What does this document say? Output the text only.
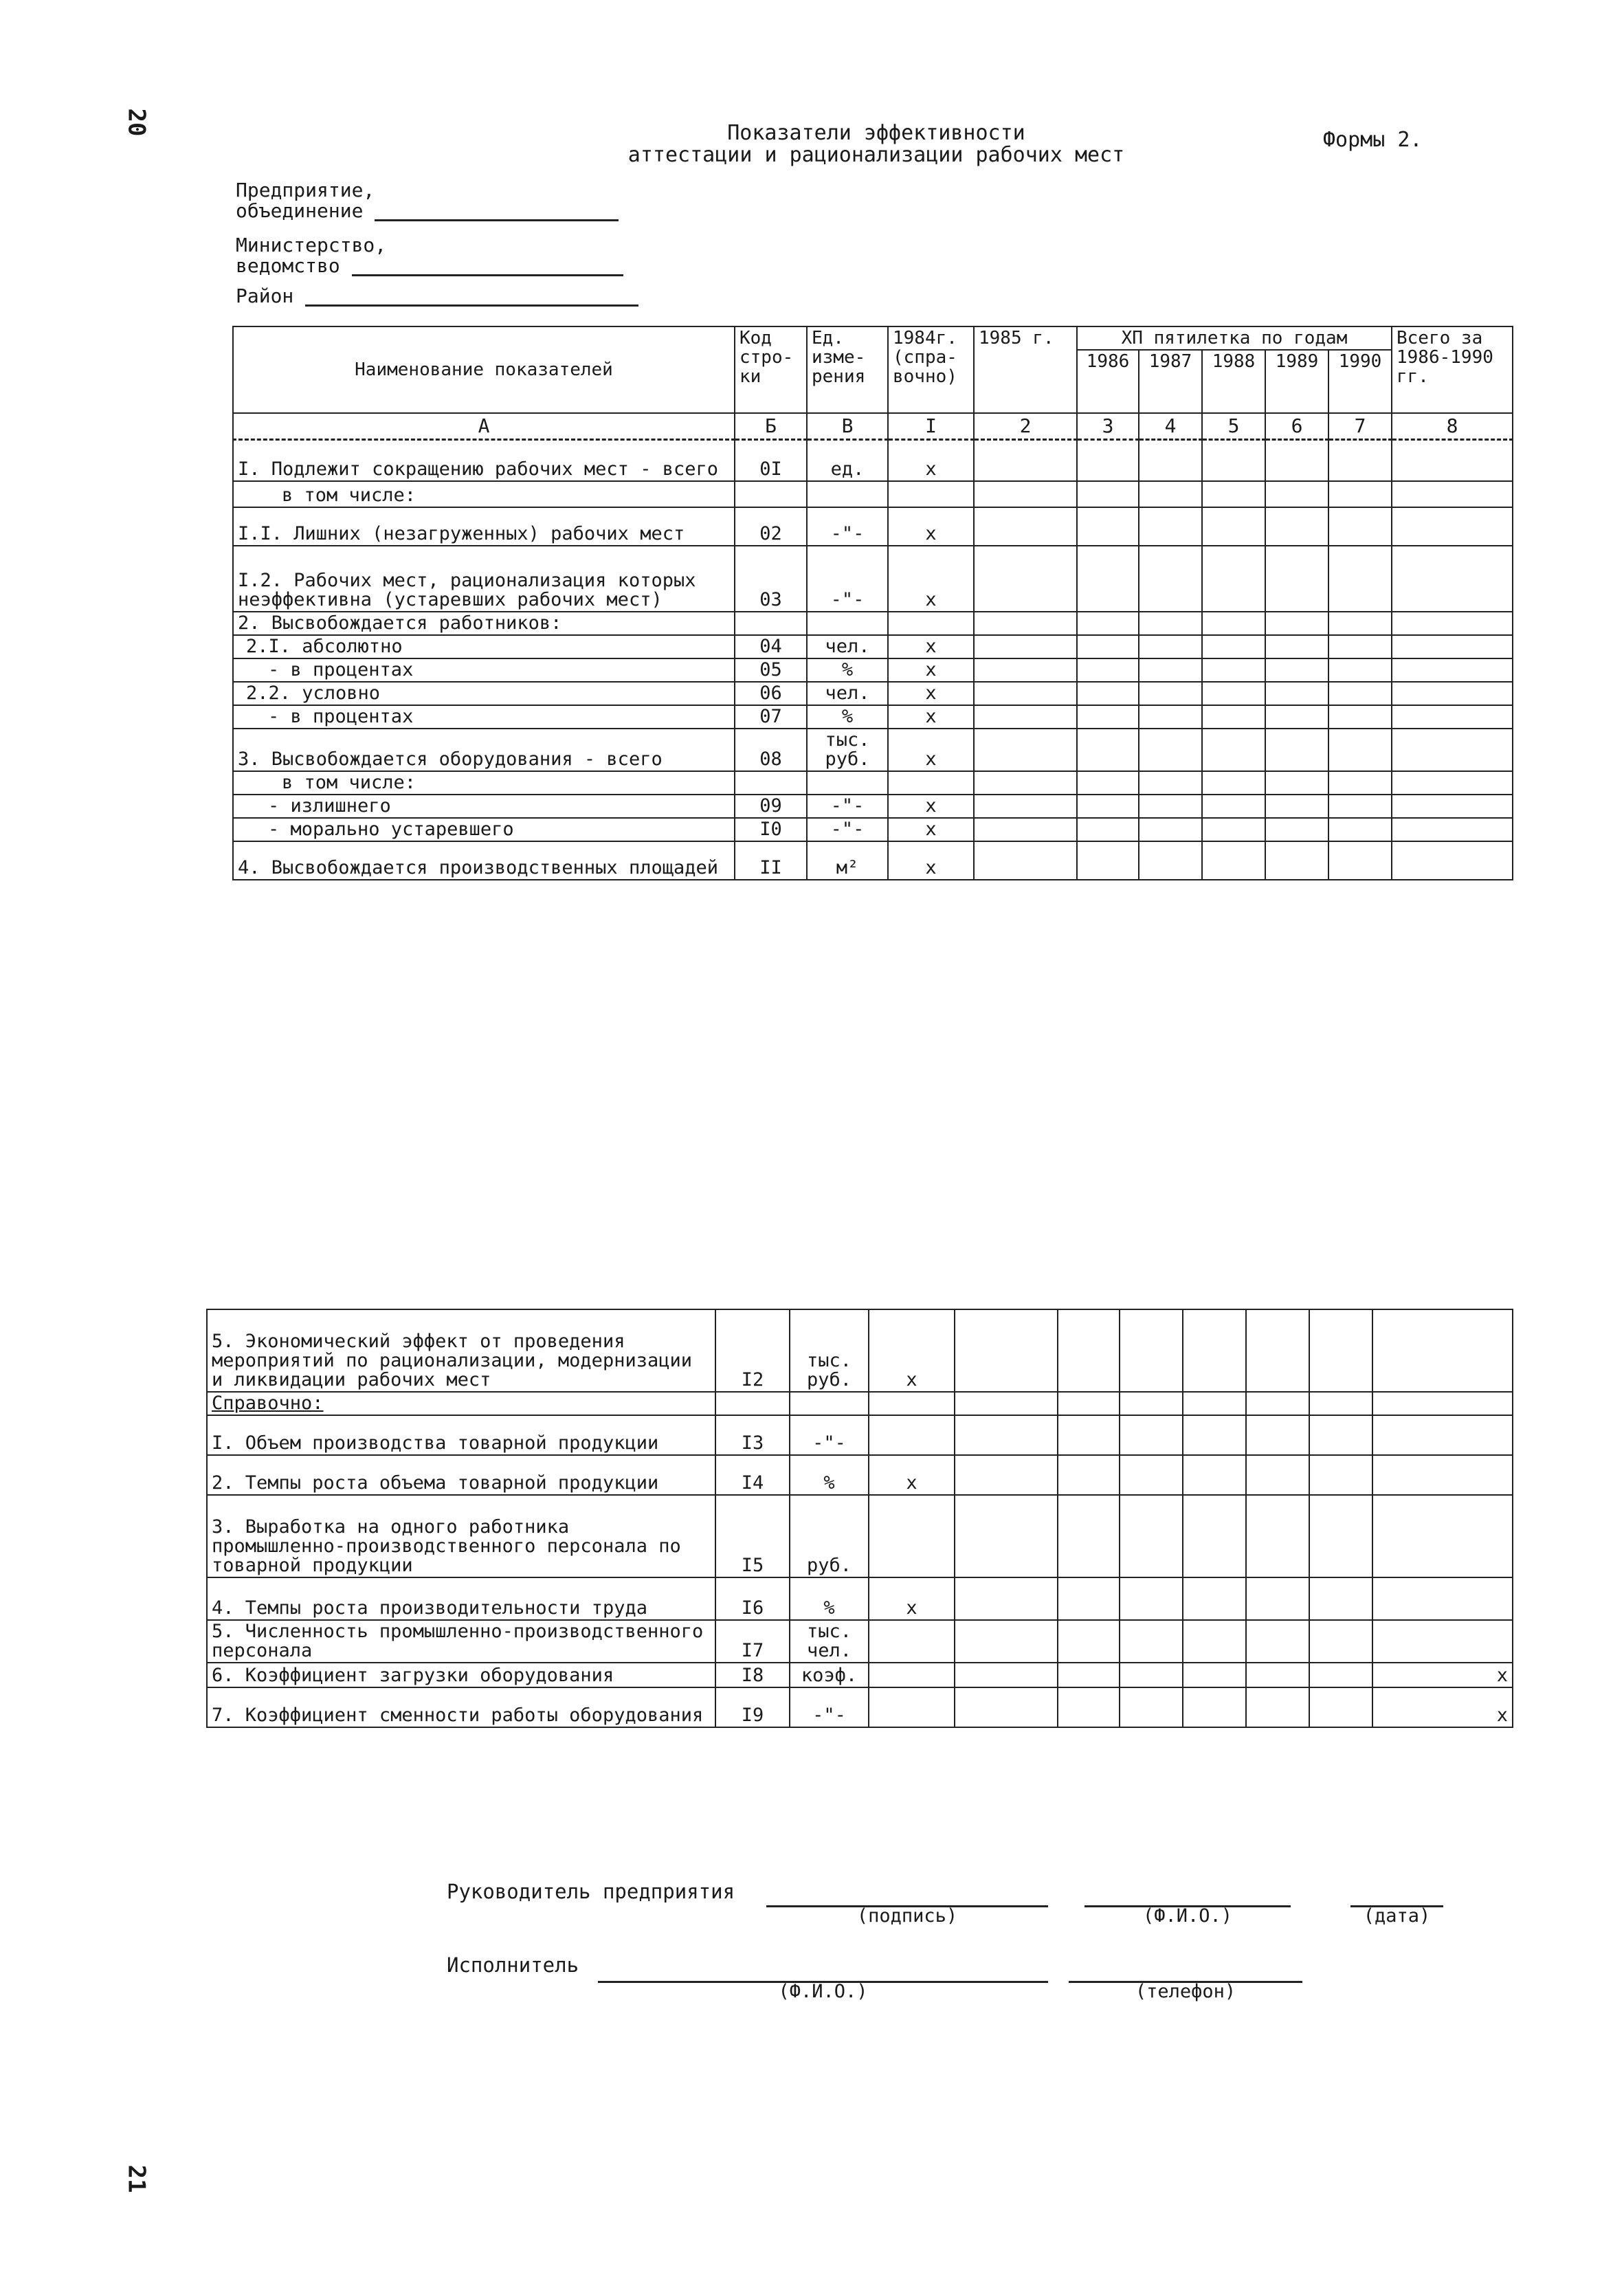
20
21
Показатели эффективности
аттестации и рационализации рабочих мест
Формы 2.
Предприятие,
объединение
Министерство,
ведомство
Район
Наименование показателей	Код стро-ки	Ед. изме-рения	1984г. (спра-вочно)	1985 г.	ХП пятилетка по годам					Всего за 1986-1990 гг.
					1986	1987	1988	1989	1990	
А	Б	В	I	2	3	4	5	6	7	8
I. Подлежит сокращению рабочих мест - всего	0I	ед.	x							
в том числе:										
I.I. Лишних (незагруженных) рабочих мест	02	-"-	x							
I.2. Рабочих мест, рационализация которых неэффективна (устаревших рабочих мест)	03	-"-	x							
2. Высвобождается работников:										
2.I. абсолютно	04	чел.	x							
- в процентах	05	%	x							
2.2. условно	06	чел.	x							
- в процентах	07	%	x							
3. Высвобождается оборудования - всего	08	тыс. руб.	x							
в том числе:										
- излишнего	09	-"-	x							
- морально устаревшего	I0	-"-	x							
4. Высвобождается производственных площадей	II	м²	x							
5. Экономический эффект от проведения мероприятий по рационализации, модернизации и ликвидации рабочих мест	I2	тыс. руб.	x							
Справочно:										
I. Объем производства товарной продукции	I3	-"-								
2. Темпы роста объема товарной продукции	I4	%	x							
3. Выработка на одного работника промышленно-производственного персонала по товарной продукции	I5	руб.								
4. Темпы роста производительности труда	I6	%	x							
5. Численность промышленно-производственного персонала	I7	тыс. чел.								
6. Коэффициент загрузки оборудования	I8	коэф.								x
7. Коэффициент сменности работы оборудования	I9	-"-								x
Руководитель предприятия
(подпись)	(Ф.И.О.)	(дата)
Исполнитель
(Ф.И.О.)	(телефон)
